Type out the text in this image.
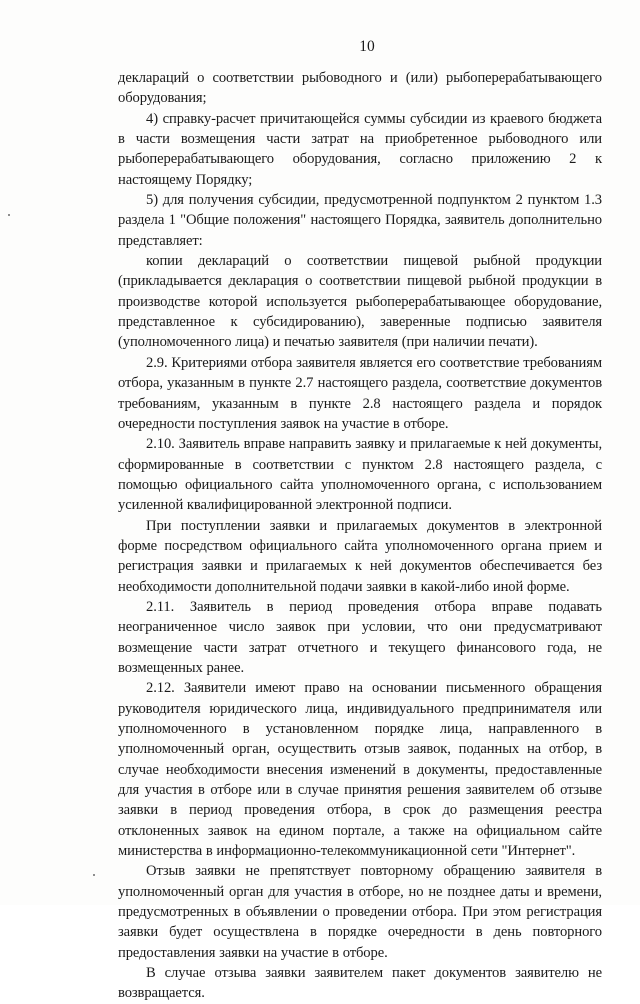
10

деклараций о соответствии рыбоводного и (или) рыбоперерабатывающего оборудования;

4) справку-расчет причитающейся суммы субсидии из краевого бюджета в части возмещения части затрат на приобретенное рыбоводного или рыбоперерабатывающего оборудования, согласно приложению 2 к настоящему Порядку;

5) для получения субсидии, предусмотренной подпунктом 2 пунктом 1.3 раздела 1 "Общие положения" настоящего Порядка, заявитель дополнительно представляет:

копии деклараций о соответствии пищевой рыбной продукции (прикладывается декларация о соответствии пищевой рыбной продукции в производстве которой используется рыбоперерабатывающее оборудование, представленное к субсидированию), заверенные подписью заявителя (уполномоченного лица) и печатью заявителя (при наличии печати).

2.9. Критериями отбора заявителя является его соответствие требованиям отбора, указанным в пункте 2.7 настоящего раздела, соответствие документов требованиям, указанным в пункте 2.8 настоящего раздела и порядок очередности поступления заявок на участие в отборе.

2.10. Заявитель вправе направить заявку и прилагаемые к ней документы, сформированные в соответствии с пунктом 2.8 настоящего раздела, с помощью официального сайта уполномоченного органа, с использованием усиленной квалифицированной электронной подписи.

При поступлении заявки и прилагаемых документов в электронной форме посредством официального сайта уполномоченного органа прием и регистрация заявки и прилагаемых к ней документов обеспечивается без необходимости дополнительной подачи заявки в какой-либо иной форме.

2.11. Заявитель в период проведения отбора вправе подавать неограниченное число заявок при условии, что они предусматривают возмещение части затрат отчетного и текущего финансового года, не возмещенных ранее.

2.12. Заявители имеют право на основании письменного обращения руководителя юридического лица, индивидуального предпринимателя или уполномоченного в установленном порядке лица, направленного в уполномоченный орган, осуществить отзыв заявок, поданных на отбор, в случае необходимости внесения изменений в документы, предоставленные для участия в отборе или в случае принятия решения заявителем об отзыве заявки в период проведения отбора, в срок до размещения реестра отклоненных заявок на едином портале, а также на официальном сайте министерства в информационно-телекоммуникационной сети "Интернет".

Отзыв заявки не препятствует повторному обращению заявителя в уполномоченный орган для участия в отборе, но не позднее даты и времени, предусмотренных в объявлении о проведении отбора. При этом регистрация заявки будет осуществлена в порядке очередности в день повторного предоставления заявки на участие в отборе.

В случае отзыва заявки заявителем пакет документов заявителю не возвращается.
